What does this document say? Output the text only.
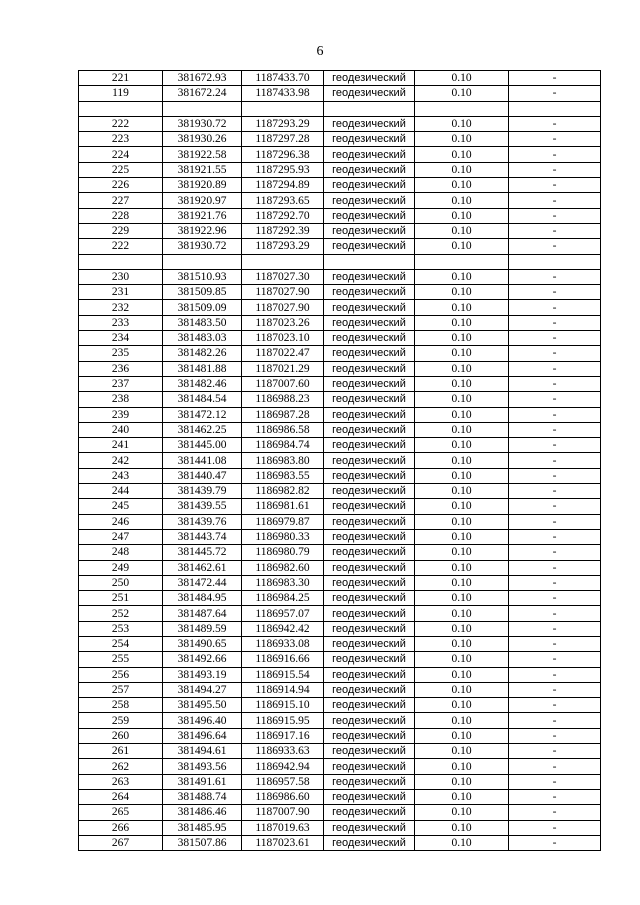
6
221	381672.93	1187433.70	геодезический	0.10	-
119	381672.24	1187433.98	геодезический	0.10	-

222	381930.72	1187293.29	геодезический	0.10	-
223	381930.26	1187297.28	геодезический	0.10	-
224	381922.58	1187296.38	геодезический	0.10	-
225	381921.55	1187295.93	геодезический	0.10	-
226	381920.89	1187294.89	геодезический	0.10	-
227	381920.97	1187293.65	геодезический	0.10	-
228	381921.76	1187292.70	геодезический	0.10	-
229	381922.96	1187292.39	геодезический	0.10	-
222	381930.72	1187293.29	геодезический	0.10	-

230	381510.93	1187027.30	геодезический	0.10	-
231	381509.85	1187027.90	геодезический	0.10	-
232	381509.09	1187027.90	геодезический	0.10	-
233	381483.50	1187023.26	геодезический	0.10	-
234	381483.03	1187023.10	геодезический	0.10	-
235	381482.26	1187022.47	геодезический	0.10	-
236	381481.88	1187021.29	геодезический	0.10	-
237	381482.46	1187007.60	геодезический	0.10	-
238	381484.54	1186988.23	геодезический	0.10	-
239	381472.12	1186987.28	геодезический	0.10	-
240	381462.25	1186986.58	геодезический	0.10	-
241	381445.00	1186984.74	геодезический	0.10	-
242	381441.08	1186983.80	геодезический	0.10	-
243	381440.47	1186983.55	геодезический	0.10	-
244	381439.79	1186982.82	геодезический	0.10	-
245	381439.55	1186981.61	геодезический	0.10	-
246	381439.76	1186979.87	геодезический	0.10	-
247	381443.74	1186980.33	геодезический	0.10	-
248	381445.72	1186980.79	геодезический	0.10	-
249	381462.61	1186982.60	геодезический	0.10	-
250	381472.44	1186983.30	геодезический	0.10	-
251	381484.95	1186984.25	геодезический	0.10	-
252	381487.64	1186957.07	геодезический	0.10	-
253	381489.59	1186942.42	геодезический	0.10	-
254	381490.65	1186933.08	геодезический	0.10	-
255	381492.66	1186916.66	геодезический	0.10	-
256	381493.19	1186915.54	геодезический	0.10	-
257	381494.27	1186914.94	геодезический	0.10	-
258	381495.50	1186915.10	геодезический	0.10	-
259	381496.40	1186915.95	геодезический	0.10	-
260	381496.64	1186917.16	геодезический	0.10	-
261	381494.61	1186933.63	геодезический	0.10	-
262	381493.56	1186942.94	геодезический	0.10	-
263	381491.61	1186957.58	геодезический	0.10	-
264	381488.74	1186986.60	геодезический	0.10	-
265	381486.46	1187007.90	геодезический	0.10	-
266	381485.95	1187019.63	геодезический	0.10	-
267	381507.86	1187023.61	геодезический	0.10	-
